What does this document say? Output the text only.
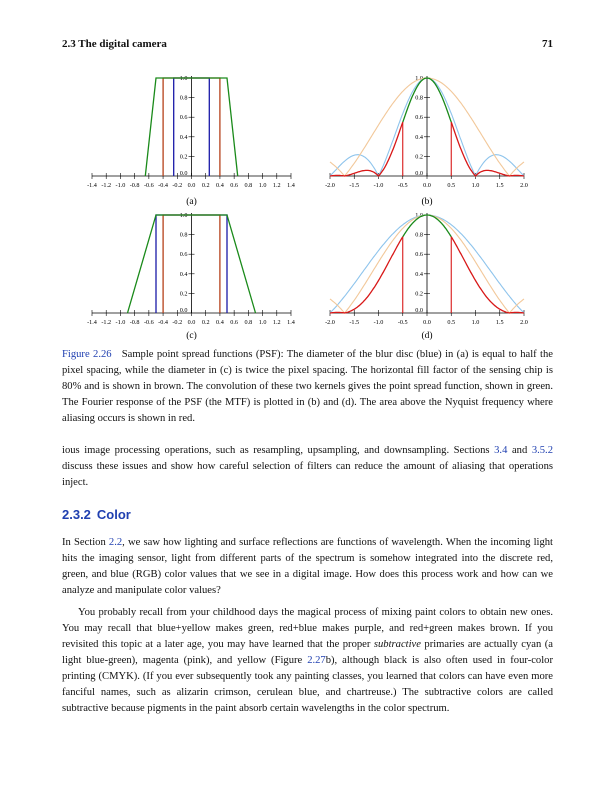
2.3 The digital camera	71
-1.4 -1.2 -1.0 -0.8 -0.6 -0.4 -0.2 0.0 0.2 0.4 0.6 0.8 1.0 1.2 1.4
0.2
0.4
0.6
0.8
1.0
0.0
(a)
-2.0 -1.5 -1.0 -0.5 0.0	0.5	1.0	1.5	2.0
0.2
0.4
0.6
0.8
1.0
0.0
(b)
-1.4 -1.2 -1.0 -0.8 -0.6 -0.4 -0.2 0.0 0.2 0.4 0.6 0.8 1.0 1.2 1.4
0.2
0.4
0.6
0.8
1.0
0.0
(c)
-2.0 -1.5 -1.0 -0.5 0.0	0.5	1.0	1.5	2.0
0.2
0.4
0.6
0.8
1.0
0.0
(d)
Figure 2.26 Sample point spread functions (PSF): The diameter of the blur disc (blue) in (a) is equal to half the pixel spacing, while the diameter in (c) is twice the pixel spacing. The horizontal fill factor of the sensing chip is 80% and is shown in brown. The convolution of these two kernels gives the point spread function, shown in green. The Fourier response of the PSF (the MTF) is plotted in (b) and (d). The area above the Nyquist frequency where aliasing occurs is shown in red.

ious image processing operations, such as resampling, upsampling, and downsampling. Sections 3.4 and 3.5.2 discuss these issues and show how careful selection of filters can reduce the amount of aliasing that operations inject.

2.3.2 Color

In Section 2.2, we saw how lighting and surface reflections are functions of wavelength. When the incoming light hits the imaging sensor, light from different parts of the spectrum is somehow integrated into the discrete red, green, and blue (RGB) color values that we see in a digital image. How does this process work and how can we analyze and manipulate color values?

You probably recall from your childhood days the magical process of mixing paint colors to obtain new ones. You may recall that blue+yellow makes green, red+blue makes purple, and red+green makes brown. If you revisited this topic at a later age, you may have learned that the proper subtractive primaries are actually cyan (a light blue-green), magenta (pink), and yellow (Figure 2.27b), although black is also often used in four-color printing (CMYK). (If you ever subsequently took any painting classes, you learned that colors can have even more fanciful names, such as alizarin crimson, cerulean blue, and chartreuse.) The subtractive colors are called subtractive because pigments in the paint absorb certain wavelengths in the color spectrum.
